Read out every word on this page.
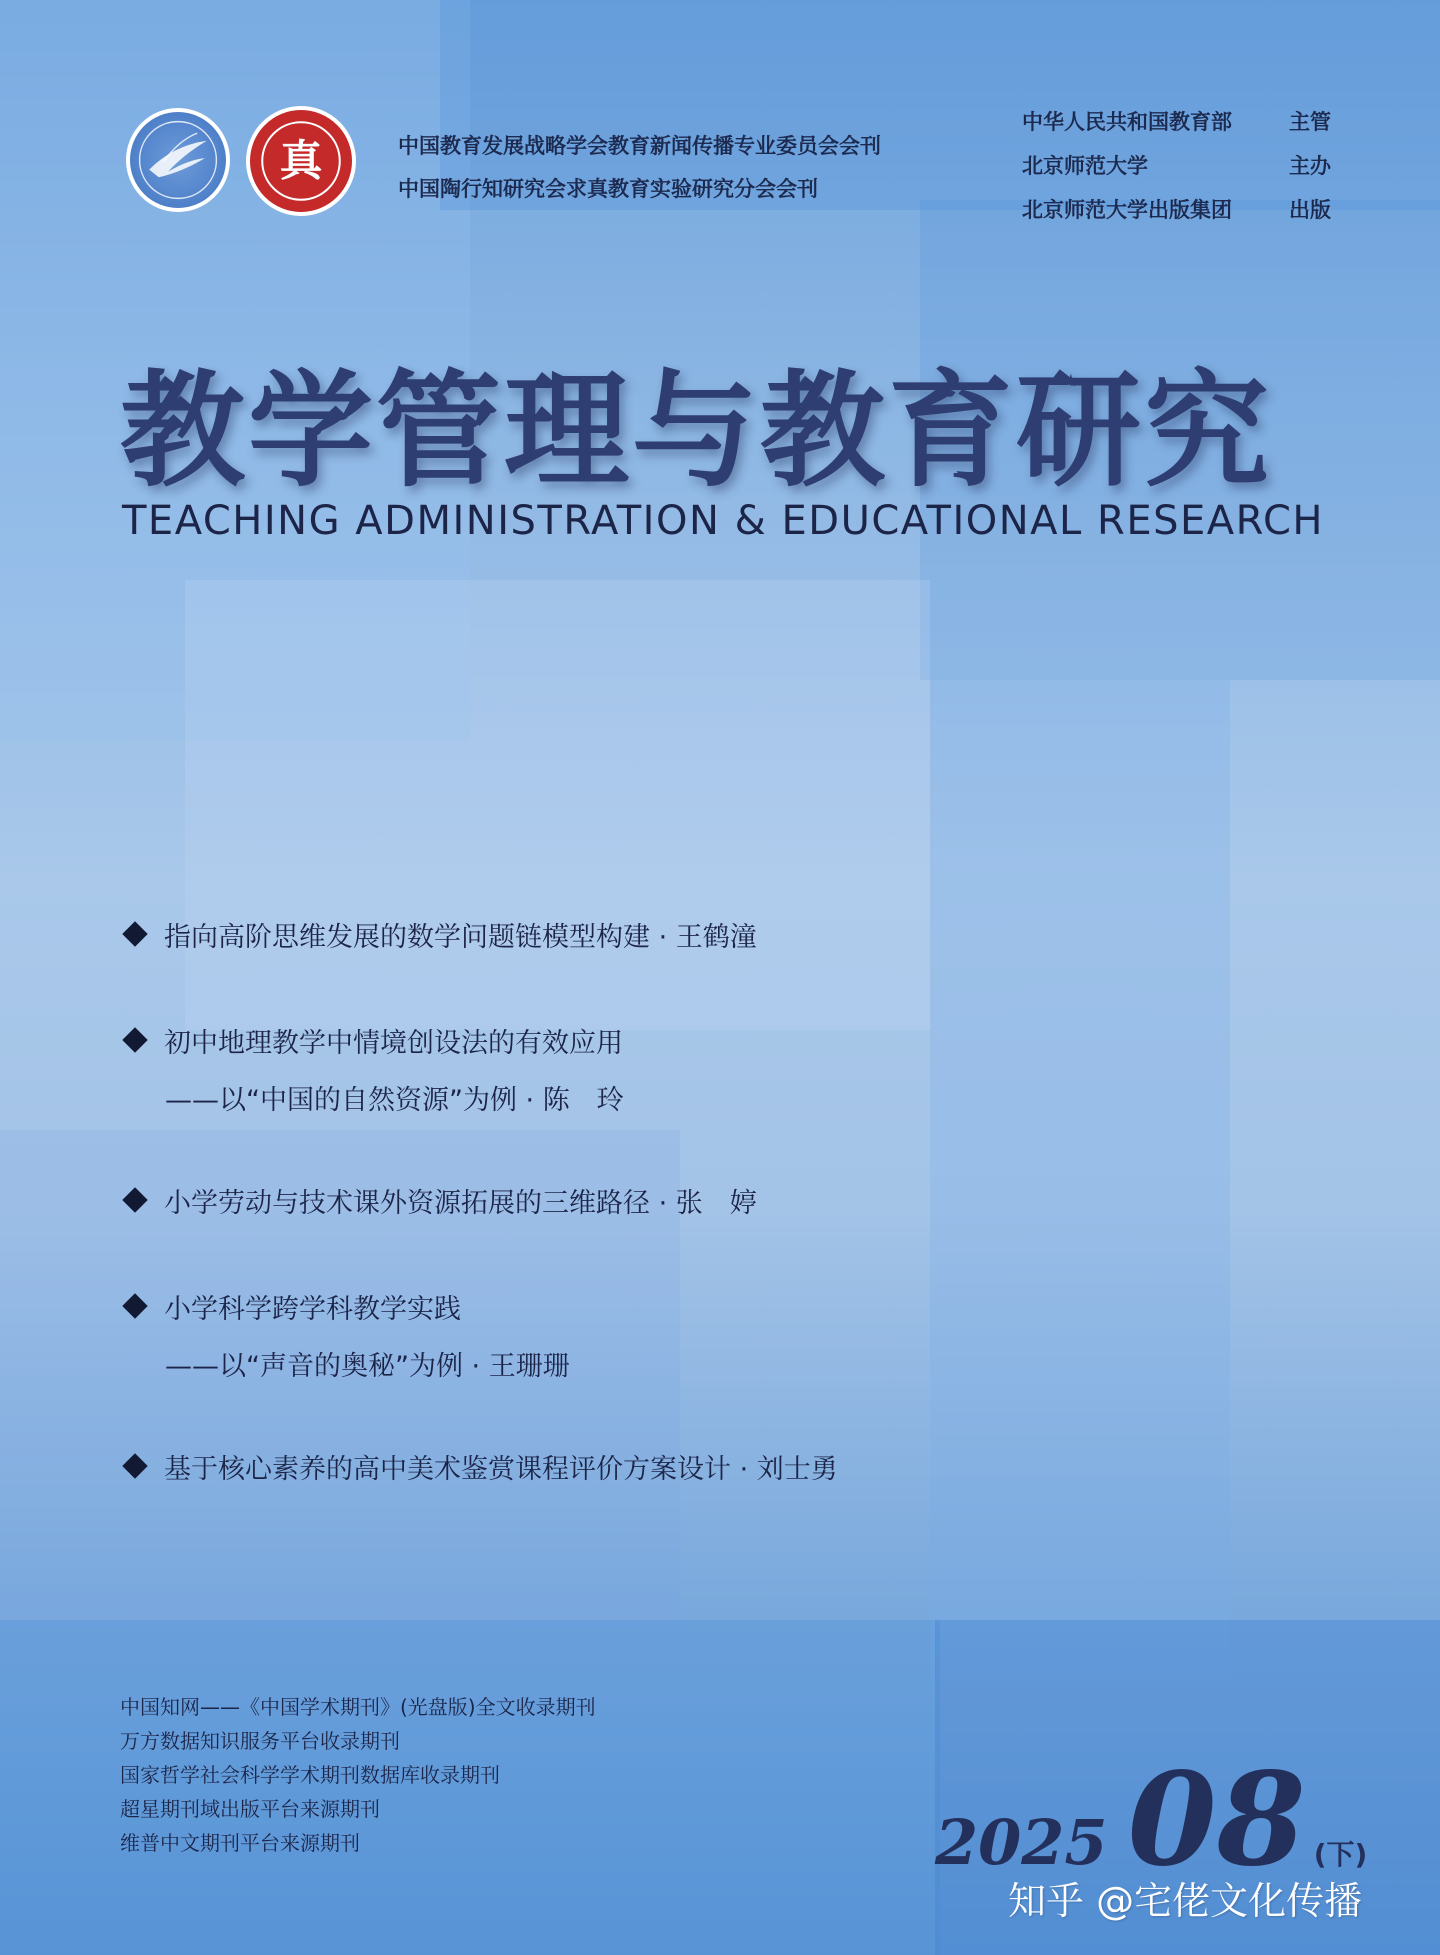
真	中国教育发展战略学会教育新闻传播专业委员会会刊
中国陶行知研究会求真教育实验研究分会会刊
中华人民共和国教育部	主管
北京师范大学	主办
北京师范大学出版集团	出版
教学管理与教育研究
TEACHING ADMINISTRATION & EDUCATIONAL RESEARCH
指向高阶思维发展的数学问题链模型构建 · 王鹤潼
初中地理教学中情境创设法的有效应用
——以“中国的自然资源”为例 · 陈　玲
小学劳动与技术课外资源拓展的三维路径 · 张　婷
小学科学跨学科教学实践
——以“声音的奥秘”为例 · 王珊珊
基于核心素养的高中美术鉴赏课程评价方案设计 · 刘士勇
中国知网——《中国学术期刊》(光盘版)全文收录期刊
万方数据知识服务平台收录期刊
国家哲学社会科学学术期刊数据库收录期刊
超星期刊域出版平台来源期刊
维普中文期刊平台来源期刊	2025 08 (下)
知乎 @宅佬文化传播
